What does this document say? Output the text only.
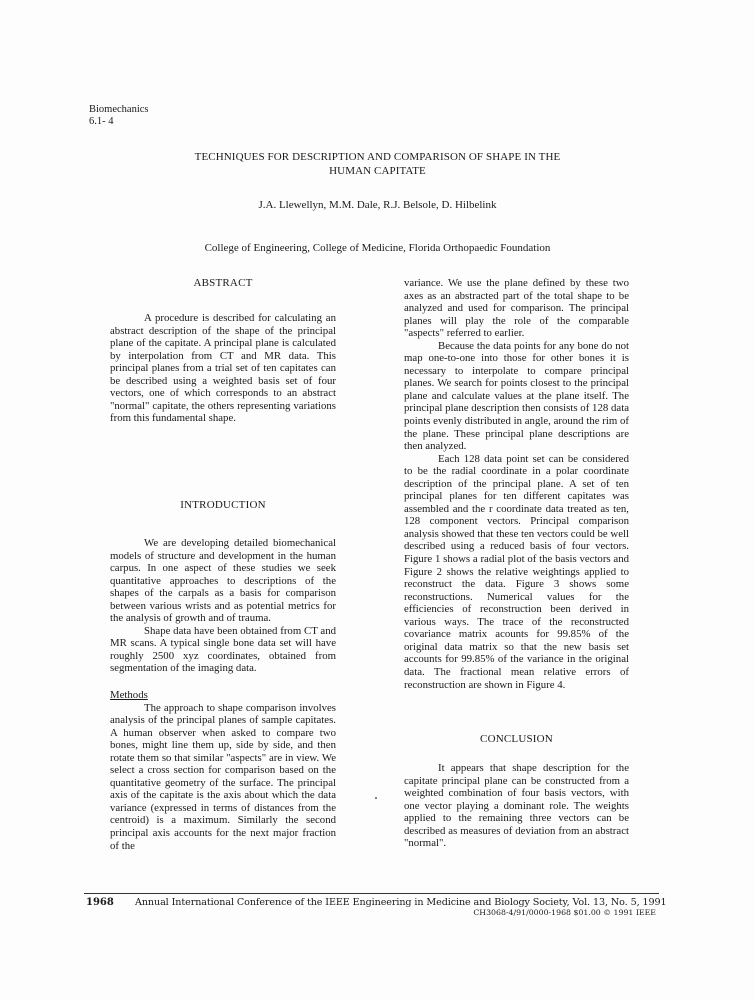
Biomechanics
6.1- 4
TECHNIQUES FOR DESCRIPTION AND COMPARISON OF SHAPE IN THE
HUMAN CAPITATE
J.A. Llewellyn, M.M. Dale, R.J. Belsole, D. Hilbelink
College of Engineering, College of Medicine, Florida Orthopaedic Foundation
ABSTRACT

A procedure is described for calculating an abstract description of the shape of the principal plane of the capitate. A principal plane is calculated by interpolation from CT and MR data. This principal planes from a trial set of ten capitates can be described using a weighted basis set of four vectors, one of which corresponds to an abstract "normal" capitate, the others representing variations from this fundamental shape.

INTRODUCTION

We are developing detailed biomechanical models of structure and development in the human carpus. In one aspect of these studies we seek quantitative approaches to descriptions of the shapes of the carpals as a basis for comparison between various wrists and as potential metrics for the analysis of growth and of trauma.

Shape data have been obtained from CT and MR scans. A typical single bone data set will have roughly 2500 xyz coordinates, obtained from segmentation of the imaging data.

Methods

The approach to shape comparison involves analysis of the principal planes of sample capitates. A human observer when asked to compare two bones, might line them up, side by side, and then rotate them so that similar "aspects" are in view. We select a cross section for comparison based on the quantitative geometry of the surface. The principal axis of the capitate is the axis about which the data variance (expressed in terms of distances from the centroid) is a maximum. Similarly the second principal axis accounts for the next major fraction of the

variance. We use the plane defined by these two axes as an abstracted part of the total shape to be analyzed and used for comparison. The principal planes will play the role of the comparable "aspects" referred to earlier.

Because the data points for any bone do not map one-to-one into those for other bones it is necessary to interpolate to compare principal planes. We search for points closest to the principal plane and calculate values at the plane itself. The principal plane description then consists of 128 data points evenly distributed in angle, around the rim of the plane. These principal plane descriptions are then analyzed.

Each 128 data point set can be considered to be the radial coordinate in a polar coordinate description of the principal plane. A set of ten principal planes for ten different capitates was assembled and the r coordinate data treated as ten, 128 component vectors. Principal comparison analysis showed that these ten vectors could be well described using a reduced basis of four vectors. Figure 1 shows a radial plot of the basis vectors and Figure 2 shows the relative weightings applied to reconstruct the data. Figure 3 shows some reconstructions. Numerical values for the efficiencies of reconstruction been derived in various ways. The trace of the reconstructed covariance matrix acounts for 99.85% of the original data matrix so that the new basis set accounts for 99.85% of the variance in the original data. The fractional mean relative errors of reconstruction are shown in Figure 4.

CONCLUSION

It appears that shape description for the capitate principal plane can be constructed from a weighted combination of four basis vectors, with one vector playing a dominant role. The weights applied to the remaining three vectors can be described as measures of deviation from an abstract "normal".

1968 Annual International Conference of the IEEE Engineering in Medicine and Biology Society, Vol. 13, No. 5, 1991
CH3068-4/91/0000-1968 $01.00 © 1991 IEEE
